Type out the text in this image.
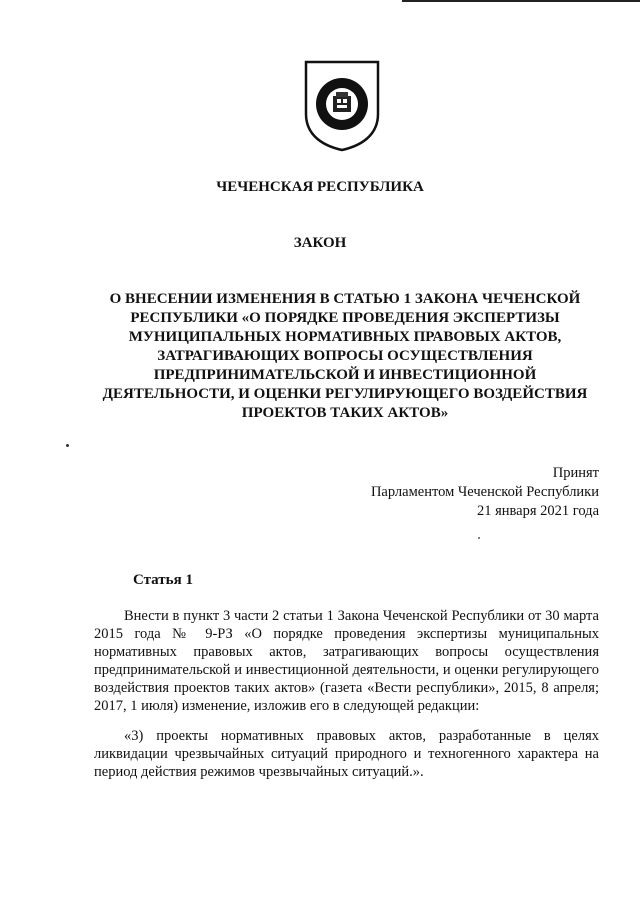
ЧЕЧЕНСКАЯ РЕСПУБЛИКА
ЗАКОН
О ВНЕСЕНИИ ИЗМЕНЕНИЯ В СТАТЬЮ 1 ЗАКОНА ЧЕЧЕНСКОЙ РЕСПУБЛИКИ «О ПОРЯДКЕ ПРОВЕДЕНИЯ ЭКСПЕРТИЗЫ МУНИЦИПАЛЬНЫХ НОРМАТИВНЫХ ПРАВОВЫХ АКТОВ, ЗАТРАГИВАЮЩИХ ВОПРОСЫ ОСУЩЕСТВЛЕНИЯ ПРЕДПРИНИМАТЕЛЬСКОЙ И ИНВЕСТИЦИОННОЙ ДЕЯТЕЛЬНОСТИ, И ОЦЕНКИ РЕГУЛИРУЮЩЕГО ВОЗДЕЙСТВИЯ ПРОЕКТОВ ТАКИХ АКТОВ»
Принят
Парламентом Чеченской Республики
21 января 2021 года
Статья 1

Внести в пункт 3 части 2 статьи 1 Закона Чеченской Республики от 30 марта 2015 года № 9-РЗ «О порядке проведения экспертизы муниципальных нормативных правовых актов, затрагивающих вопросы осуществления предпринимательской и инвестиционной деятельности, и оценки регулирующего воздействия проектов таких актов» (газета «Вести республики», 2015, 8 апреля; 2017, 1 июля) изменение, изложив его в следующей редакции:

«3) проекты нормативных правовых актов, разработанные в целях ликвидации чрезвычайных ситуаций природного и техногенного характера на период действия режимов чрезвычайных ситуаций.».
